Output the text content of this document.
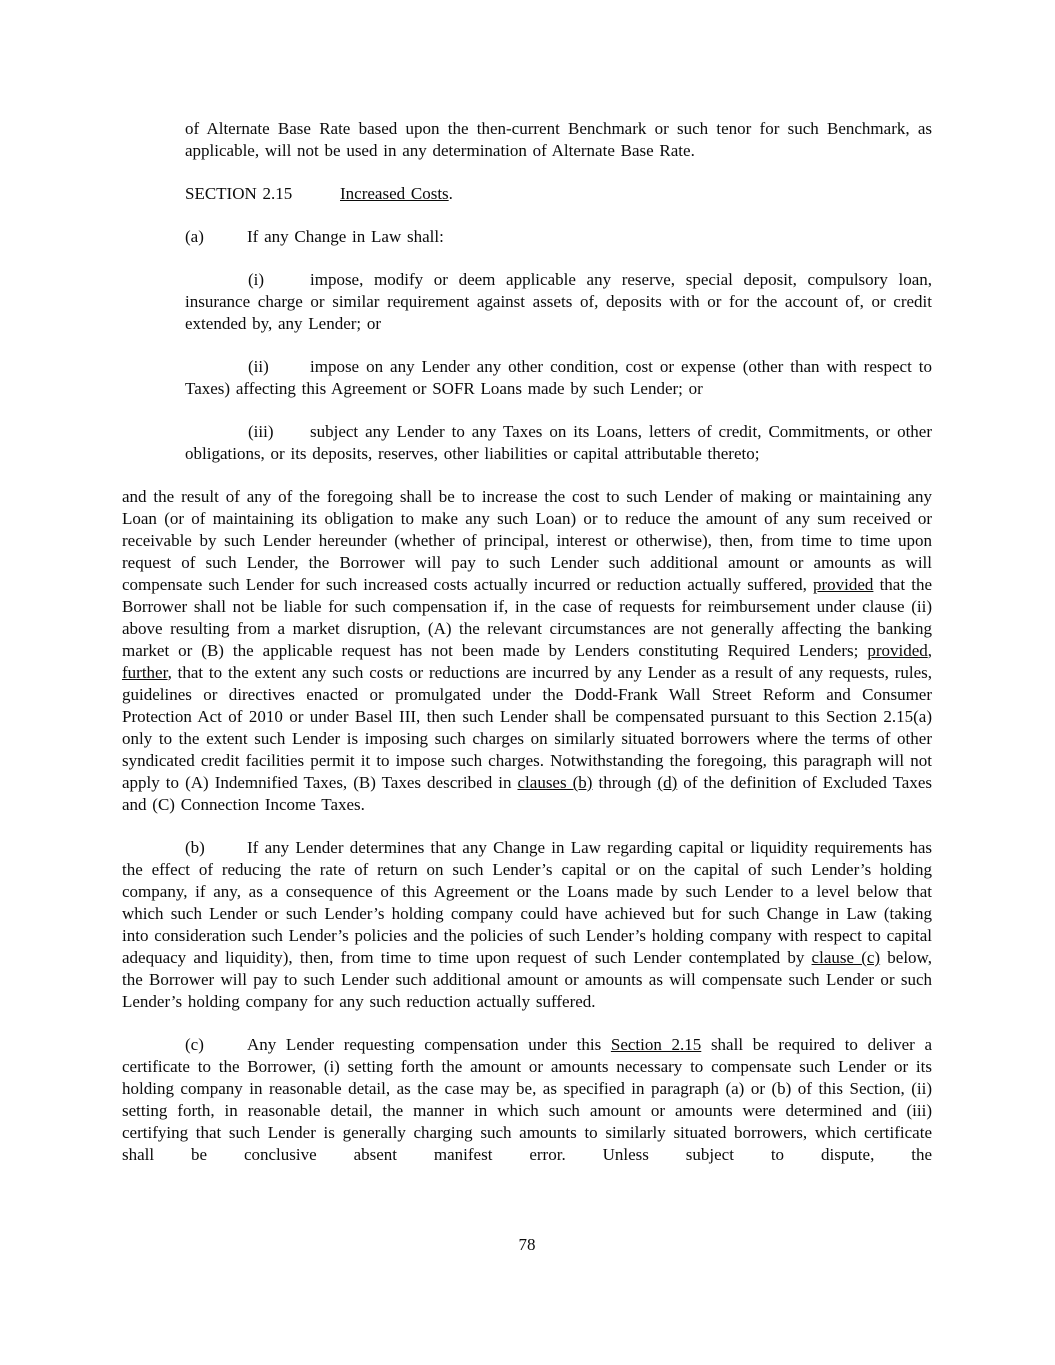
of Alternate Base Rate based upon the then-current Benchmark or such tenor for such Benchmark, as applicable, will not be used in any determination of Alternate Base Rate.

SECTION 2.15	Increased Costs.

(a)	If any Change in Law shall:

(i)	impose, modify or deem applicable any reserve, special deposit, compulsory loan, insurance charge or similar requirement against assets of, deposits with or for the account of, or credit extended by, any Lender; or

(ii) impose on any Lender any other condition, cost or expense (other than with respect to Taxes) affecting this Agreement or SOFR Loans made by such Lender; or

(iii) subject any Lender to any Taxes on its Loans, letters of credit, Commitments, or other obligations, or its deposits, reserves, other liabilities or capital attributable thereto;

and the result of any of the foregoing shall be to increase the cost to such Lender of making or maintaining any Loan (or of maintaining its obligation to make any such Loan) or to reduce the amount of any sum received or receivable by such Lender hereunder (whether of principal, interest or otherwise), then, from time to time upon request of such Lender, the Borrower will pay to such Lender such additional amount or amounts as will compensate such Lender for such increased costs actually incurred or reduction actually suffered, provided that the Borrower shall not be liable for such compensation if, in the case of requests for reimbursement under clause (ii) above resulting from a market disruption, (A) the relevant circumstances are not generally affecting the banking market or (B) the applicable request has not been made by Lenders constituting Required Lenders; provided, further, that to the extent any such costs or reductions are incurred by any Lender as a result of any requests, rules, guidelines or directives enacted or promulgated under the Dodd-Frank Wall Street Reform and Consumer Protection Act of 2010 or under Basel III, then such Lender shall be compensated pursuant to this Section 2.15(a) only to the extent such Lender is imposing such charges on similarly situated borrowers where the terms of other syndicated credit facilities permit it to impose such charges. Notwithstanding the foregoing, this paragraph will not apply to (A) Indemnified Taxes, (B) Taxes described in clauses (b) through (d) of the definition of Excluded Taxes and (C) Connection Income Taxes.

(b) If any Lender determines that any Change in Law regarding capital or liquidity requirements has the effect of reducing the rate of return on such Lender’s capital or on the capital of such Lender’s holding company, if any, as a consequence of this Agreement or the Loans made by such Lender to a level below that which such Lender or such Lender’s holding company could have achieved but for such Change in Law (taking into consideration such Lender’s policies and the policies of such Lender’s holding company with respect to capital adequacy and liquidity), then, from time to time upon request of such Lender contemplated by clause (c) below, the Borrower will pay to such Lender such additional amount or amounts as will compensate such Lender or such Lender’s holding company for any such reduction actually suffered.

(c)	Any Lender requesting compensation under this Section 2.15 shall be required to deliver a certificate to the Borrower, (i) setting forth the amount or amounts necessary to compensate such Lender or its holding company in reasonable detail, as the case may be, as specified in paragraph (a) or (b) of this Section, (ii) setting forth, in reasonable detail, the manner in which such amount or amounts were determined and (iii) certifying that such Lender is generally charging such amounts to similarly situated borrowers, which certificate shall be conclusive absent manifest error. Unless subject to dispute, the

78
